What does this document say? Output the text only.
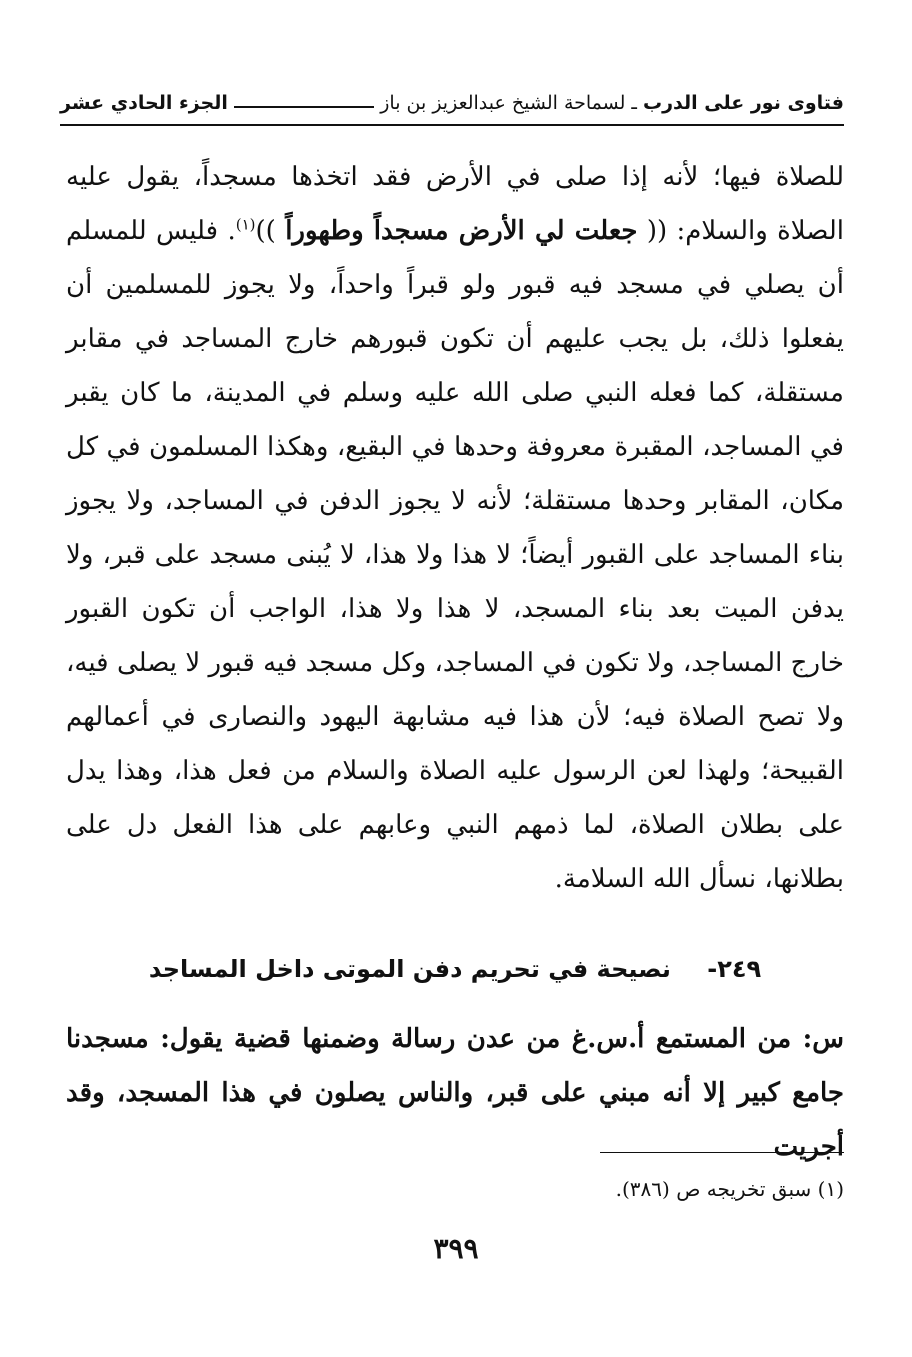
فتاوى نور على الدرب
ـ لسماحة الشيخ عبدالعزيز بن باز
الجزء الحادي عشر

للصلاة فيها؛ لأنه إذا صلى في الأرض فقد اتخذها مسجداً، يقول عليه الصلاة والسلام: (( جعلت لي الأرض مسجداً وطهوراً ))$^{(١)}$. فليس للمسلم أن يصلي في مسجد فيه قبور ولو قبراً واحداً، ولا يجوز للمسلمين أن يفعلوا ذلك، بل يجب عليهم أن تكون قبورهم خارج المساجد في مقابر مستقلة، كما فعله النبي صلى الله عليه وسلم في المدينة، ما كان يقبر في المساجد، المقبرة معروفة وحدها في البقيع، وهكذا المسلمون في كل مكان، المقابر وحدها مستقلة؛ لأنه لا يجوز الدفن في المساجد، ولا يجوز بناء المساجد على القبور أيضاً؛ لا هذا ولا هذا، لا يُبنى مسجد على قبر، ولا يدفن الميت بعد بناء المسجد، لا هذا ولا هذا، الواجب أن تكون القبور خارج المساجد، ولا تكون في المساجد، وكل مسجد فيه قبور لا يصلى فيه، ولا تصح الصلاة فيه؛ لأن هذا فيه مشابهة اليهود والنصارى في أعمالهم القبيحة؛ ولهذا لعن الرسول عليه الصلاة والسلام من فعل هذا، وهذا يدل على بطلان الصلاة، لما ذمهم النبي وعابهم على هذا الفعل دل على بطلانها، نسأل الله السلامة.

٢٤٩- نصيحة في تحريم دفن الموتى داخل المساجد
س: من المستمع أ.س.غ من عدن رسالة وضمنها قضية يقول: مسجدنا جامع كبير إلا أنه مبني على قبر، والناس يصلون في هذا المسجد، وقد أجريت
(١) سبق تخريجه ص (٣٨٦).
٣٩٩
